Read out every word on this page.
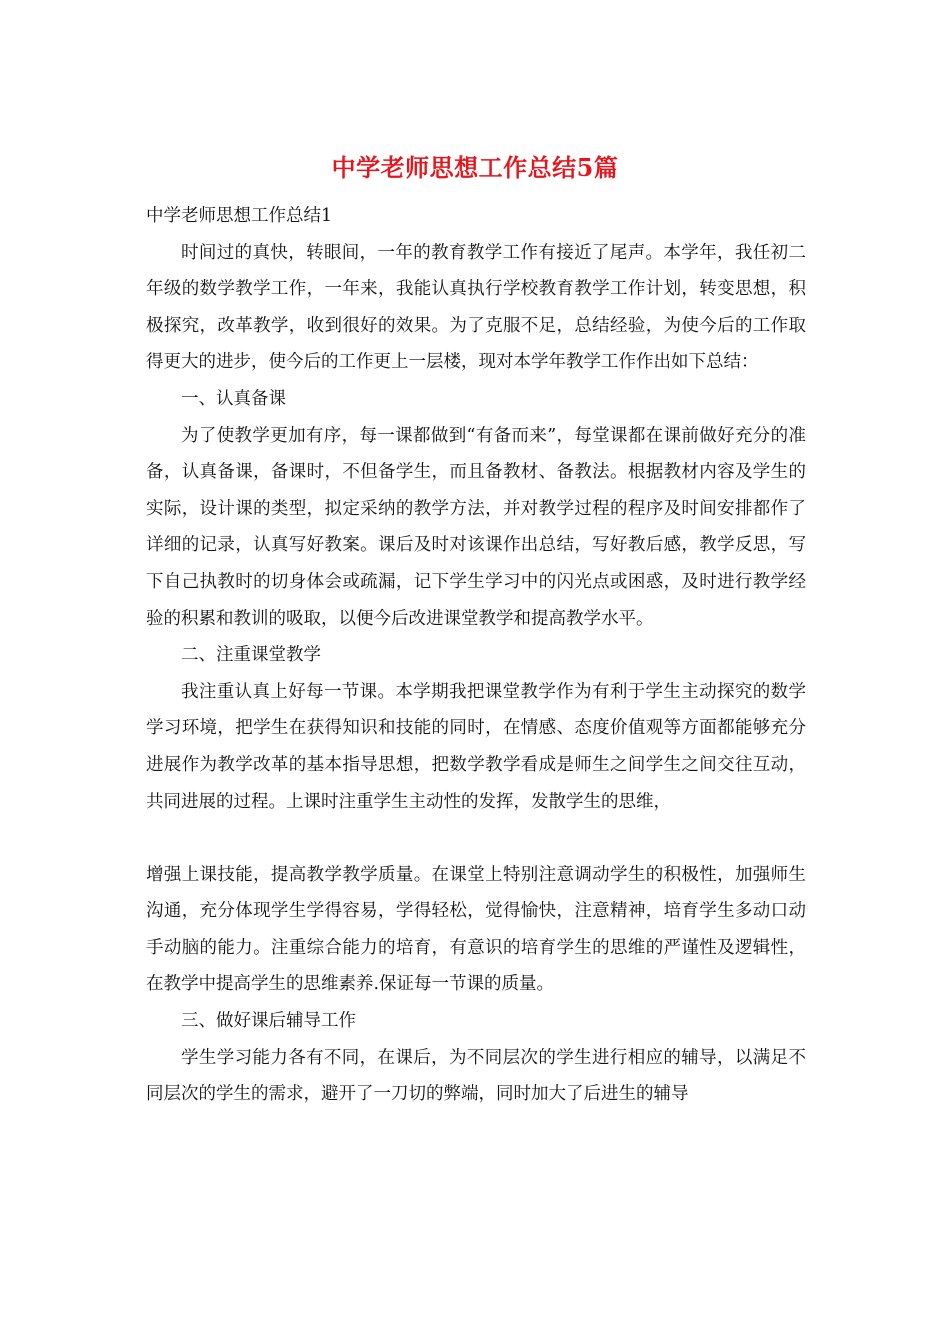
中学老师思想工作总结5篇

中学老师思想工作总结1

时间过的真快，转眼间，一年的教育教学工作有接近了尾声。本学年，我任初二年级的数学教学工作，一年来，我能认真执行学校教育教学工作计划，转变思想，积极探究，改革教学，收到很好的效果。为了克服不足，总结经验，为使今后的工作取得更大的进步，使今后的工作更上一层楼，现对本学年教学工作作出如下总结：

一、认真备课

为了使教学更加有序，每一课都做到“有备而来”，每堂课都在课前做好充分的准备，认真备课，备课时，不但备学生，而且备教材、备教法。根据教材内容及学生的实际，设计课的类型，拟定采纳的教学方法，并对教学过程的程序及时间安排都作了详细的记录，认真写好教案。课后及时对该课作出总结，写好教后感，教学反思，写下自己执教时的切身体会或疏漏，记下学生学习中的闪光点或困惑，及时进行教学经验的积累和教训的吸取，以便今后改进课堂教学和提高教学水平。

二、注重课堂教学

我注重认真上好每一节课。本学期我把课堂教学作为有利于学生主动探究的数学学习环境，把学生在获得知识和技能的同时，在情感、态度价值观等方面都能够充分进展作为教学改革的基本指导思想，把数学教学看成是师生之间学生之间交往互动，共同进展的过程。上课时注重学生主动性的发挥，发散学生的思维，

增强上课技能，提高教学教学质量。在课堂上特别注意调动学生的积极性，加强师生沟通，充分体现学生学得容易，学得轻松，觉得愉快，注意精神，培育学生多动口动手动脑的能力。注重综合能力的培育，有意识的培育学生的思维的严谨性及逻辑性，在教学中提高学生的思维素养.保证每一节课的质量。

三、做好课后辅导工作

学生学习能力各有不同，在课后，为不同层次的学生进行相应的辅导，以满足不同层次的学生的需求，避开了一刀切的弊端，同时加大了后进生的辅导
